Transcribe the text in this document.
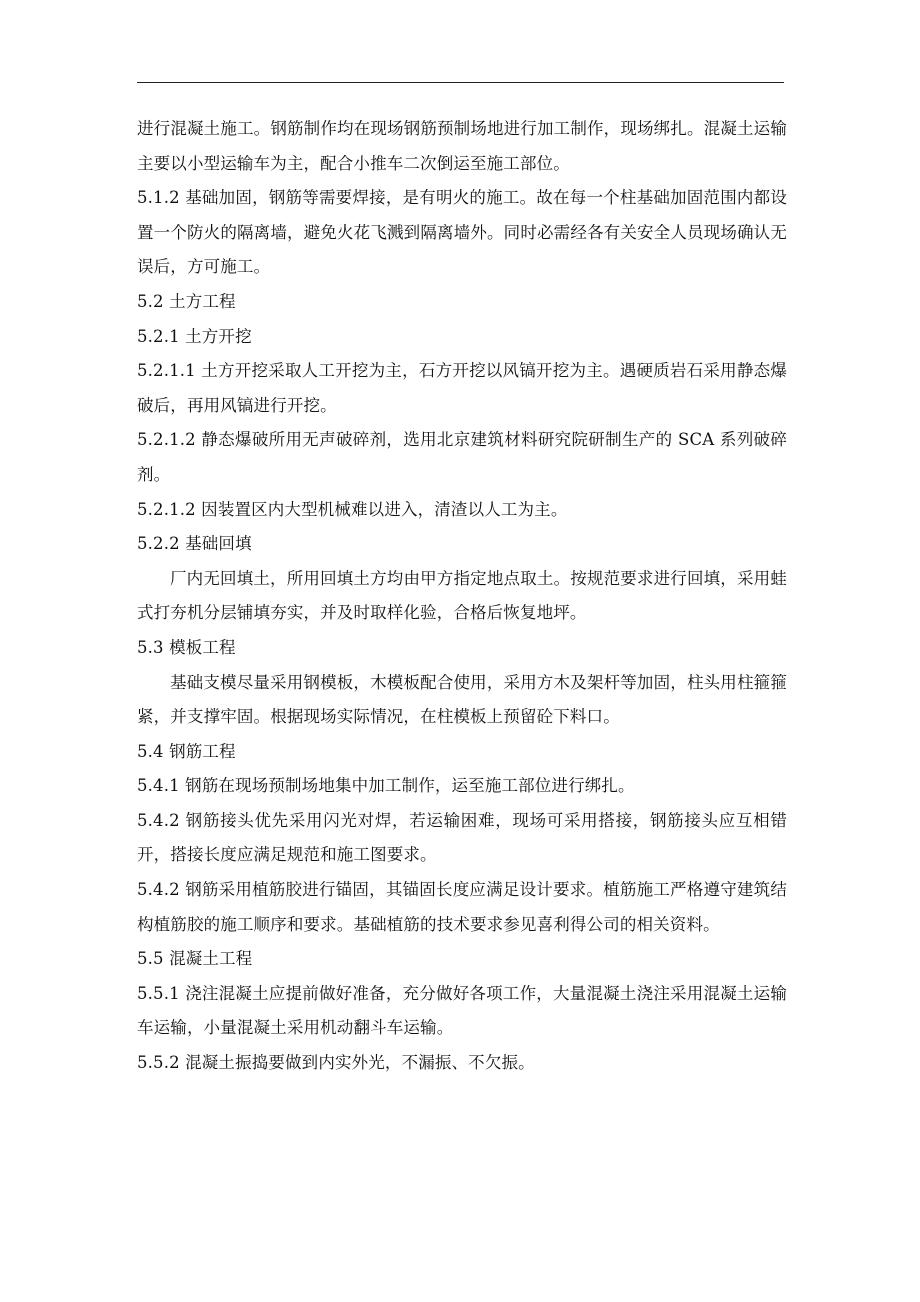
进行混凝土施工。钢筋制作均在现场钢筋预制场地进行加工制作，现场绑扎。混凝土运输主要以小型运输车为主，配合小推车二次倒运至施工部位。

5.1.2 基础加固，钢筋等需要焊接，是有明火的施工。故在每一个柱基础加固范围内都设置一个防火的隔离墙，避免火花飞溅到隔离墙外。同时必需经各有关安全人员现场确认无误后，方可施工。

5.2 土方工程

5.2.1 土方开挖

5.2.1.1 土方开挖采取人工开挖为主，石方开挖以风镐开挖为主。遇硬质岩石采用静态爆破后，再用风镐进行开挖。

5.2.1.2 静态爆破所用无声破碎剂，选用北京建筑材料研究院研制生产的 SCA 系列破碎剂。

5.2.1.2 因装置区内大型机械难以进入，清渣以人工为主。

5.2.2 基础回填

厂内无回填土，所用回填土方均由甲方指定地点取土。按规范要求进行回填，采用蛙式打夯机分层铺填夯实，并及时取样化验，合格后恢复地坪。

5.3 模板工程

基础支模尽量采用钢模板，木模板配合使用，采用方木及架杆等加固，柱头用柱箍箍紧，并支撑牢固。根据现场实际情况，在柱模板上预留砼下料口。

5.4 钢筋工程

5.4.1 钢筋在现场预制场地集中加工制作，运至施工部位进行绑扎。

5.4.2 钢筋接头优先采用闪光对焊，若运输困难，现场可采用搭接，钢筋接头应互相错开，搭接长度应满足规范和施工图要求。

5.4.2 钢筋采用植筋胶进行锚固，其锚固长度应满足设计要求。植筋施工严格遵守建筑结构植筋胶的施工顺序和要求。基础植筋的技术要求参见喜利得公司的相关资料。

5.5 混凝土工程

5.5.1 浇注混凝土应提前做好准备，充分做好各项工作，大量混凝土浇注采用混凝土运输车运输，小量混凝土采用机动翻斗车运输。

5.5.2 混凝土振捣要做到内实外光，不漏振、不欠振。
